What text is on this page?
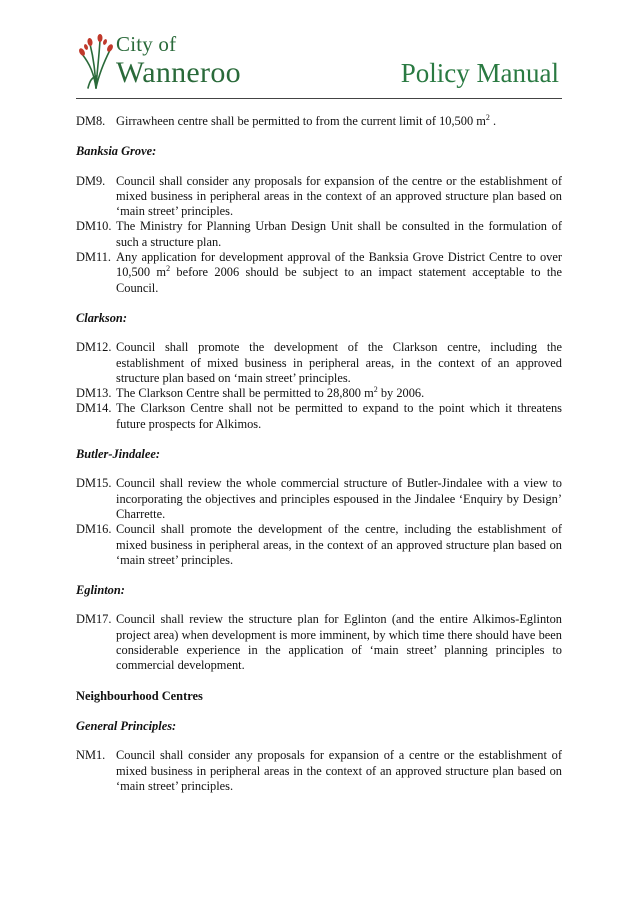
City of
Wanneroo	Policy Manual
DM8. Girrawheen centre shall be permitted to from the current limit of 10,500 $m^2$ .
Banksia Grove:
DM9. Council shall consider any proposals for expansion of the centre or the establishment of mixed business in peripheral areas in the context of an approved structure plan based on ‘main street’ principles.
DM10. The Ministry for Planning Urban Design Unit shall be consulted in the formulation of such a structure plan.
DM11. Any application for development approval of the Banksia Grove District Centre to over 10,500 $m^2$ before 2006 should be subject to an impact statement acceptable to the Council.
Clarkson:
DM12. Council shall promote the development of the Clarkson centre, including the establishment of mixed business in peripheral areas, in the context of an approved structure plan based on ‘main street’ principles.
DM13. The Clarkson Centre shall be permitted to 28,800 $m^2$ by 2006.
DM14. The Clarkson Centre shall not be permitted to expand to the point which it threatens future prospects for Alkimos.
Butler-Jindalee:
DM15. Council shall review the whole commercial structure of Butler-Jindalee with a view to incorporating the objectives and principles espoused in the Jindalee ‘Enquiry by Design’ Charrette.
DM16. Council shall promote the development of the centre, including the establishment of mixed business in peripheral areas, in the context of an approved structure plan based on ‘main street’ principles.
Eglinton:
DM17. Council shall review the structure plan for Eglinton (and the entire Alkimos-Eglinton project area) when development is more imminent, by which time there should have been considerable experience in the application of ‘main street’ planning principles to commercial development.
Neighbourhood Centres
General Principles:
NM1. Council shall consider any proposals for expansion of a centre or the establishment of mixed business in peripheral areas in the context of an approved structure plan based on ‘main street’ principles.
